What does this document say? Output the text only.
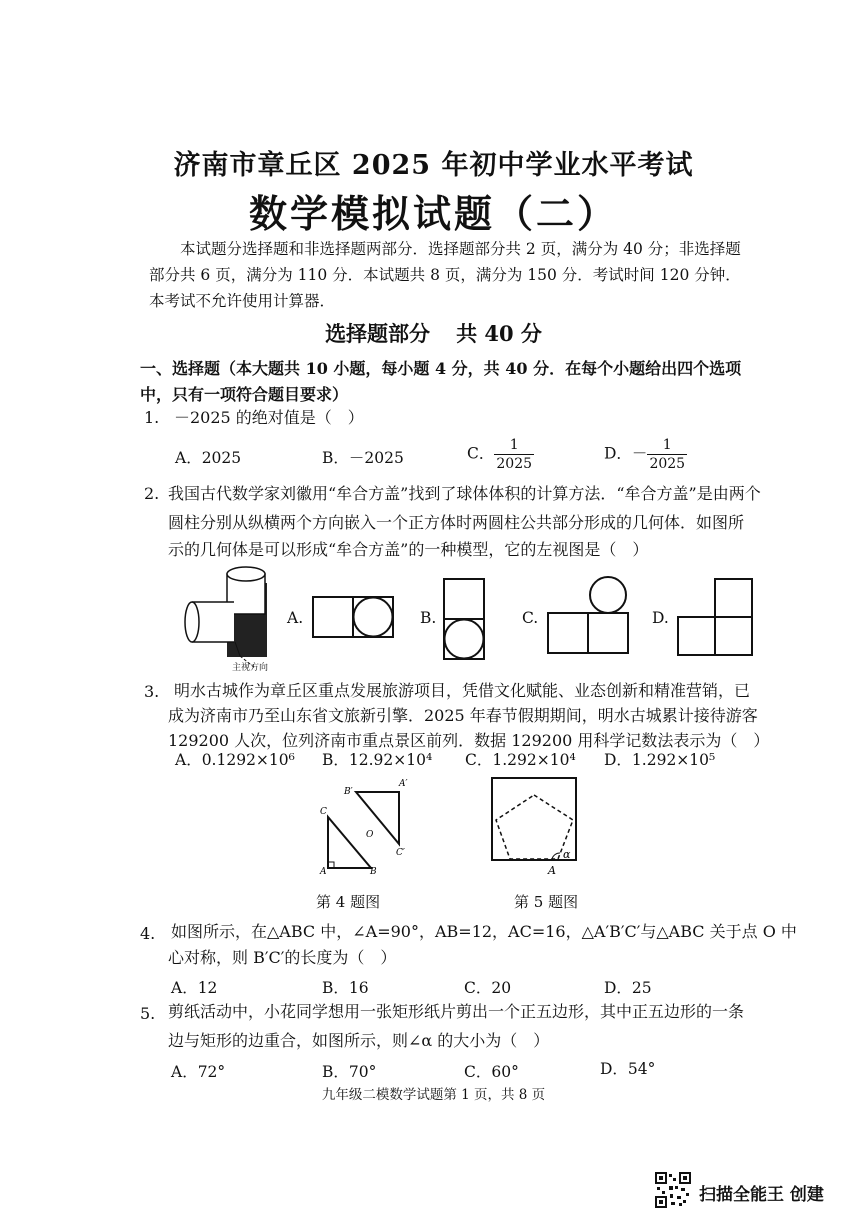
济南市章丘区 2025 年初中学业水平考试
数学模拟试题（二）
本试题分选择题和非选择题两部分．选择题部分共 2 页，满分为 40 分；非选择题部分共 6 页，满分为 110 分．本试题共 8 页，满分为 150 分．考试时间 120 分钟．本考试不允许使用计算器．
选择题部分 共 40 分
一、选择题（本大题共 10 小题，每小题 4 分，共 40 分．在每个小题给出四个选项中，只有一项符合题目要求）
1. －2025 的绝对值是（　）
A．2025	B．－2025	C． $\frac{1}{2025}$	D．－ $\frac{1}{2025}$
2. 我国古代数学家刘徽用“牟合方盖”找到了球体体积的计算方法．“牟合方盖”是由两个
圆柱分别从纵横两个方向嵌入一个正方体时两圆柱公共部分形成的几何体．如图所
示的几何体是可以形成“牟合方盖”的一种模型，它的左视图是（　）
主视方向
A.	B.	C.	D.
3. 明水古城作为章丘区重点发展旅游项目，凭借文化赋能、业态创新和精准营销，已
成为济南市乃至山东省文旅新引擎．2025 年春节假期期间，明水古城累计接待游客
129200 人次，位列济南市重点景区前列．数据 129200 用科学记数法表示为（　）
A．0.1292×10⁶ B．12.92×10⁴ C．1.292×10⁴ D．1.292×10⁵
B′
A′
C
O
C′
A	B
第 4 题图
α
A
第 5 题图
4. 如图所示，在△ABC 中，∠A=90°，AB=12，AC=16，△A′B′C′与△ABC 关于点 O 中
心对称，则 B′C′的长度为（　）
A．12	B．16	C．20	D．25
5. 剪纸活动中，小花同学想用一张矩形纸片剪出一个正五边形，其中正五边形的一条
边与矩形的边重合，如图所示，则∠α 的大小为（　）
A．72°	B．70°	C．60°	D．54°
九年级二模数学试题第 1 页，共 8 页
扫描全能王 创建
